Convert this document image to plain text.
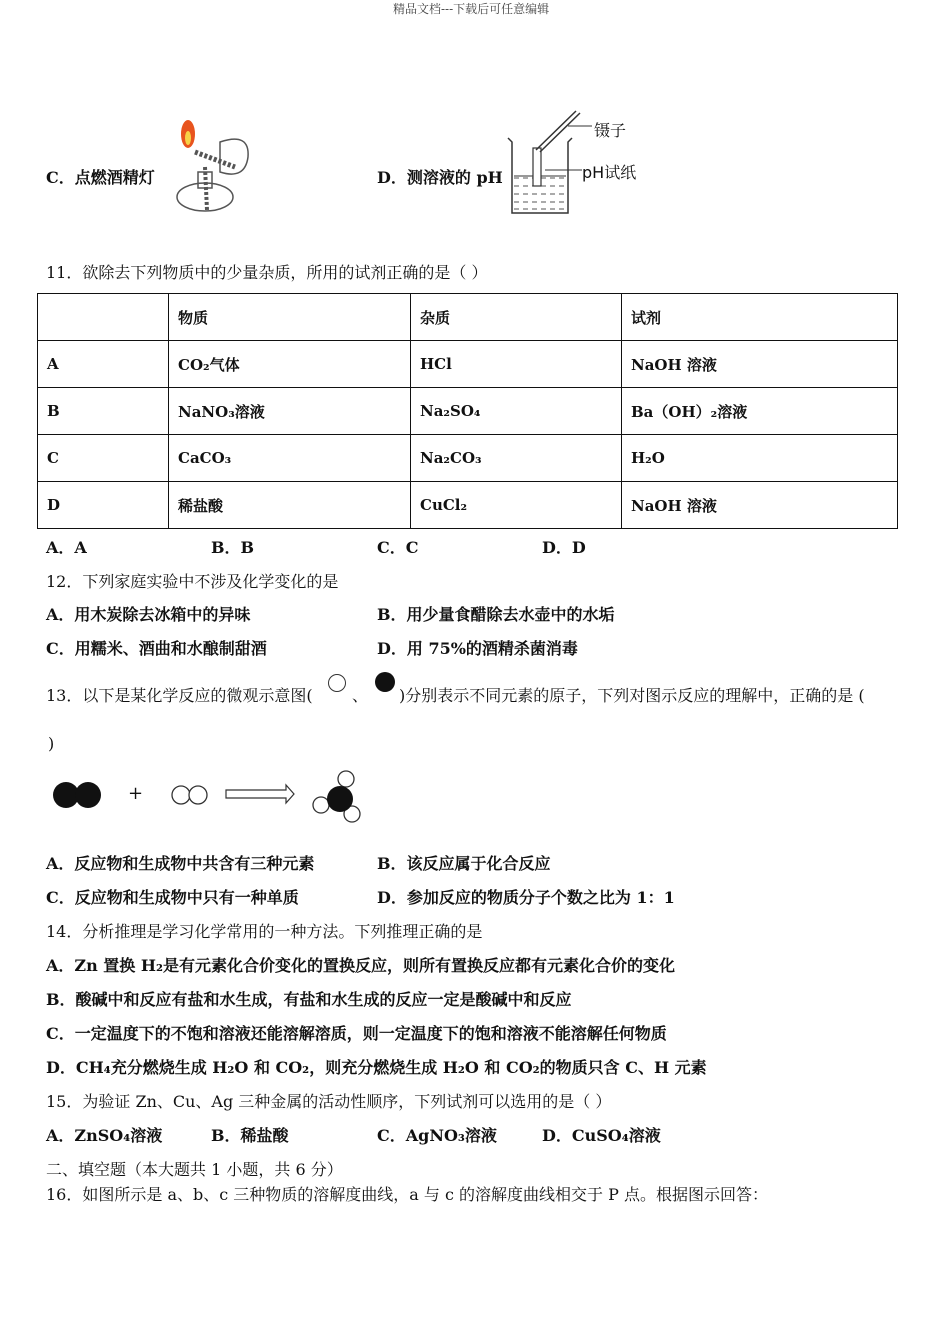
精品文档---下载后可任意编辑
C．点燃酒精灯	D．测溶液的 pH
镊子
pH试纸
11．欲除去下列物质中的少量杂质，所用的试剂正确的是（ ）
	物质	杂质	试剂
A	CO₂气体	HCl	NaOH 溶液
B	NaNO₃溶液	Na₂SO₄	Ba（OH）₂溶液
C	CaCO₃	Na₂CO₃	H₂O
D	稀盐酸	CuCl₂	NaOH 溶液
A．A	B．B	C．C	D．D
12．下列家庭实验中不涉及化学变化的是
A．用木炭除去冰箱中的异味	B．用少量食醋除去水壶中的水垢
C．用糯米、酒曲和水酿制甜酒	D．用 75%的酒精杀菌消毒
13．以下是某化学反应的微观示意图( 、 )分别表示不同元素的原子，下列对图示反应的理解中，正确的是 (
)
+
A．反应物和生成物中共含有三种元素	B．该反应属于化合反应
C．反应物和生成物中只有一种单质	D．参加反应的物质分子个数之比为 1：1
14．分析推理是学习化学常用的一种方法。下列推理正确的是
A．Zn 置换 H₂是有元素化合价变化的置换反应，则所有置换反应都有元素化合价的变化
B．酸碱中和反应有盐和水生成，有盐和水生成的反应一定是酸碱中和反应
C．一定温度下的不饱和溶液还能溶解溶质，则一定温度下的饱和溶液不能溶解任何物质
D．CH₄充分燃烧生成 H₂O 和 CO₂，则充分燃烧生成 H₂O 和 CO₂的物质只含 C、H 元素
15．为验证 Zn、Cu、Ag 三种金属的活动性顺序，下列试剂可以选用的是（ ）
A．ZnSO₄溶液	B．稀盐酸	C．AgNO₃溶液	D．CuSO₄溶液
二、填空题（本大题共 1 小题，共 6 分）
16．如图所示是 a、b、c 三种物质的溶解度曲线，a 与 c 的溶解度曲线相交于 P 点。根据图示回答：
